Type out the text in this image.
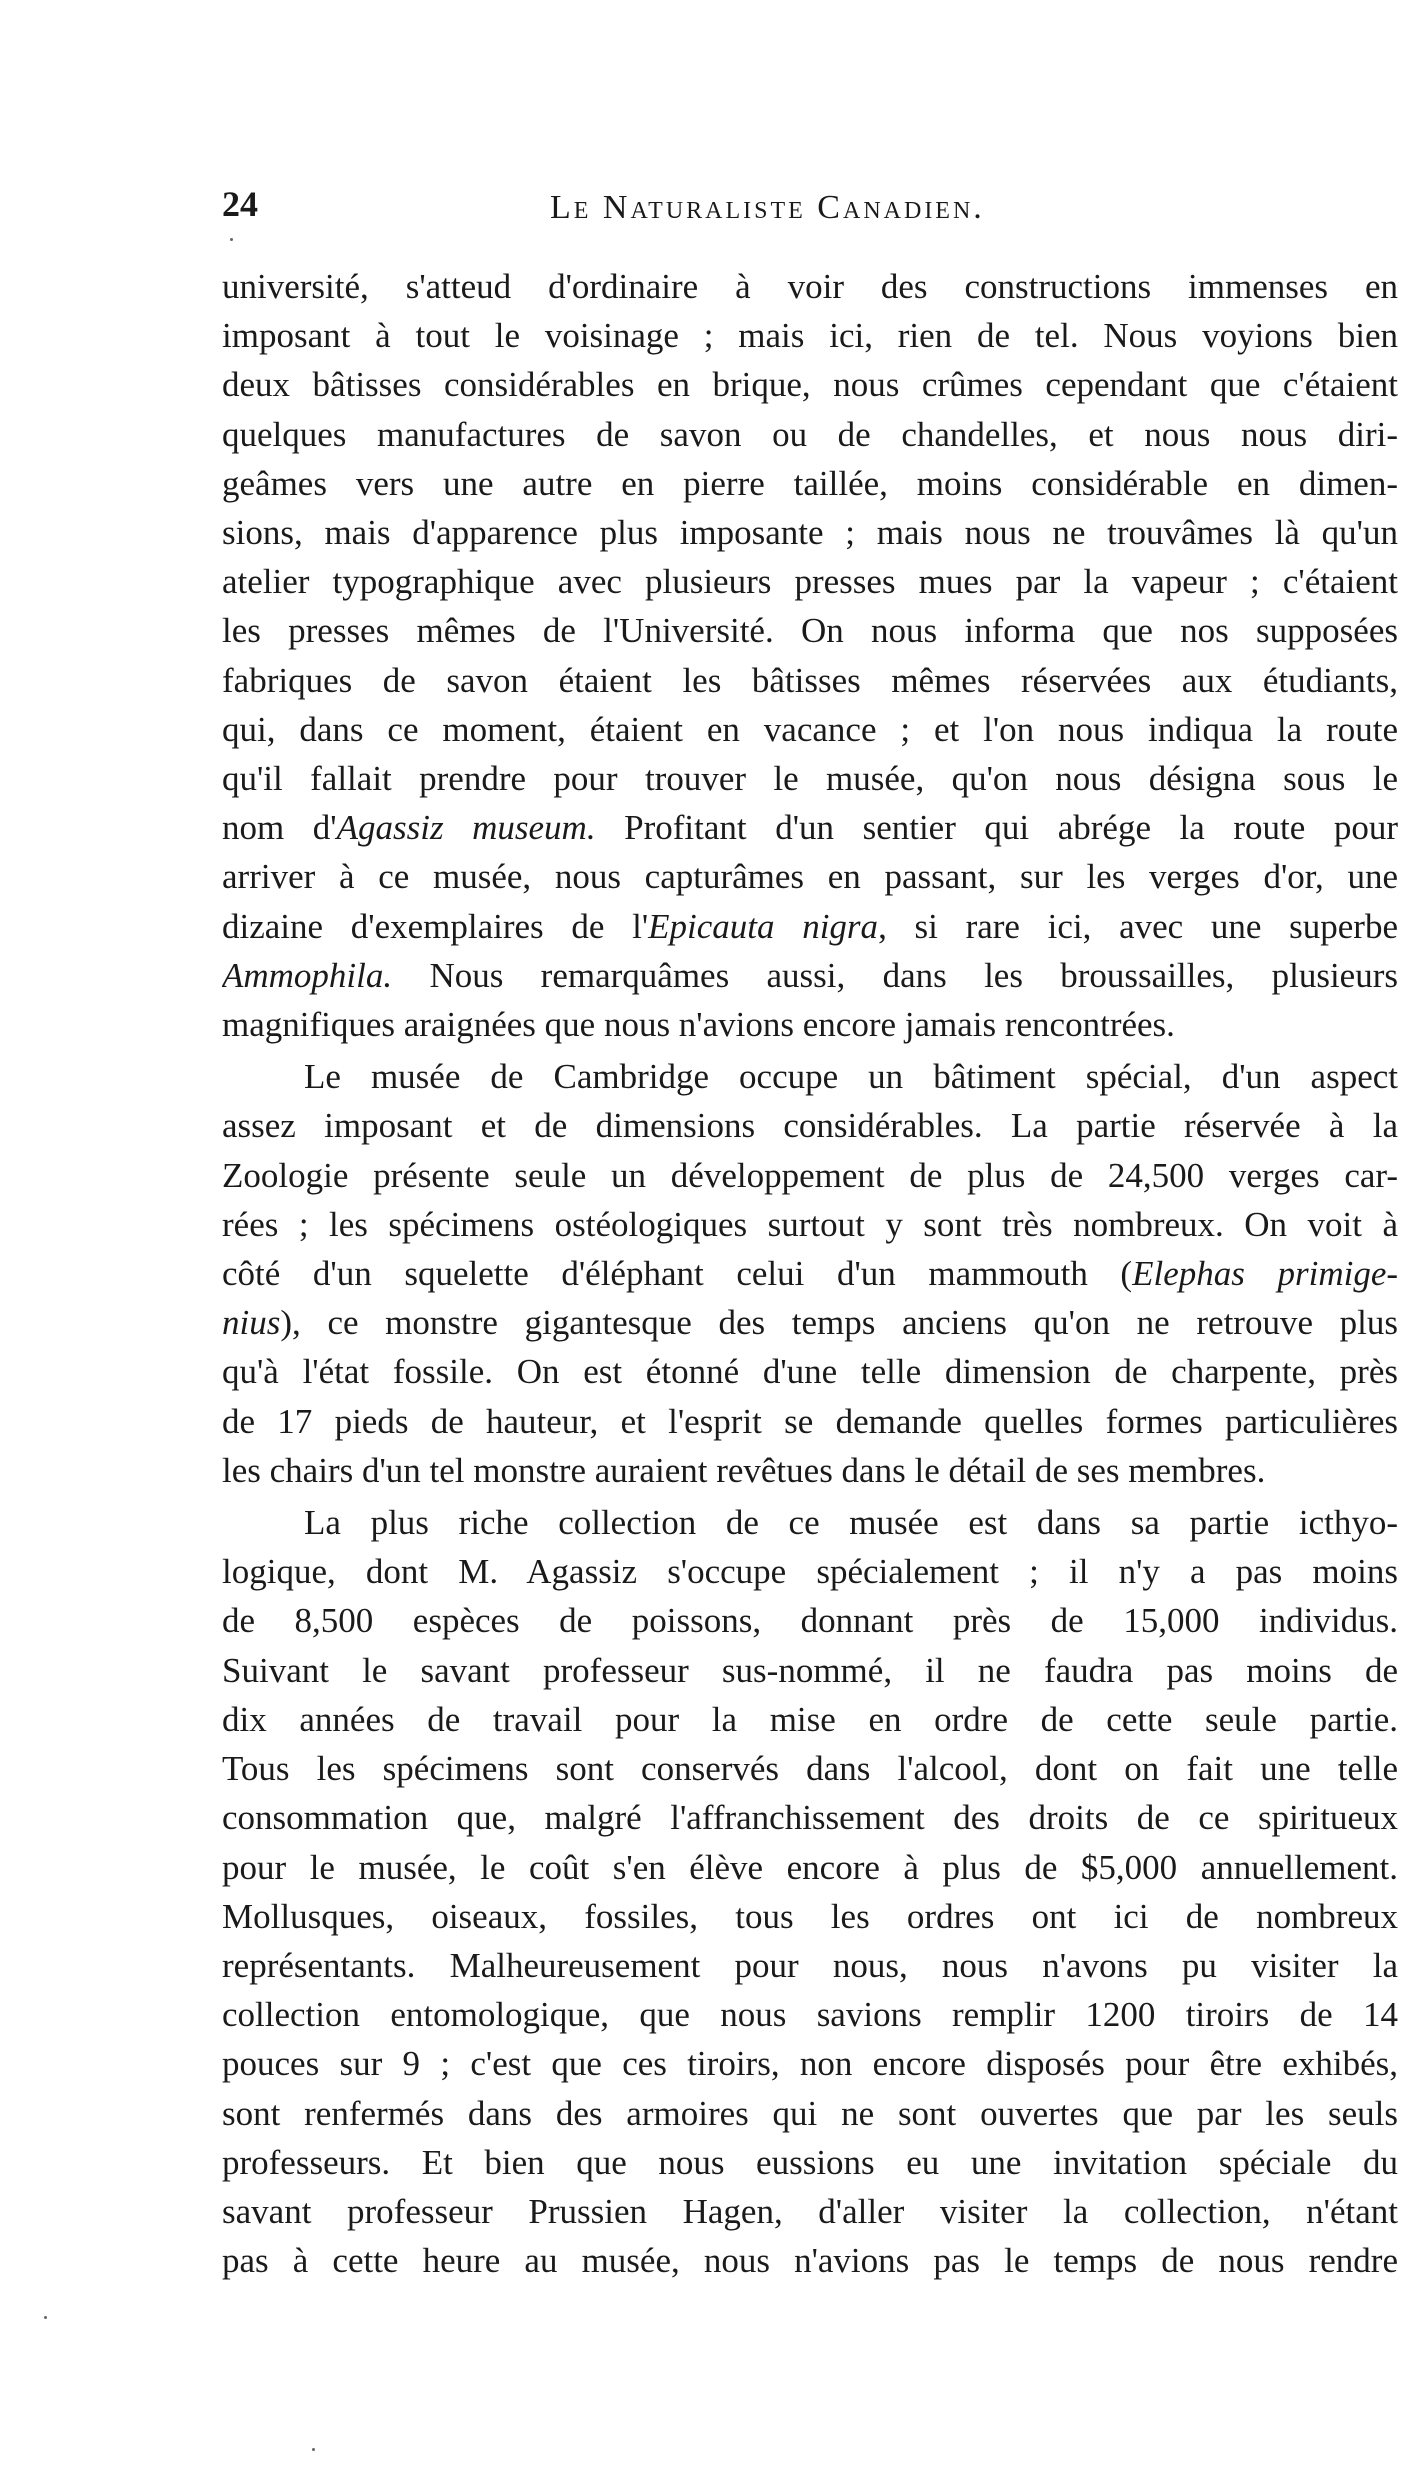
24	Le Naturaliste Canadien.

université, s'atteud d'ordinaire à voir des constructions immenses en
imposant à tout le voisinage ; mais ici, rien de tel. Nous voyions bien
deux bâtisses considérables en brique, nous crûmes cependant que c'étaient
quelques manufactures de savon ou de chandelles, et nous nous diri-
geâmes vers une autre en pierre taillée, moins considérable en dimen-
sions, mais d'apparence plus imposante ; mais nous ne trouvâmes là qu'un
atelier typographique avec plusieurs presses mues par la vapeur ; c'étaient
les presses mêmes de l'Université. On nous informa que nos supposées
fabriques de savon étaient les bâtisses mêmes réservées aux étudiants,
qui, dans ce moment, étaient en vacance ; et l'on nous indiqua la route
qu'il fallait prendre pour trouver le musée, qu'on nous désigna sous le
nom d'Agassiz museum. Profitant d'un sentier qui abrége la route pour
arriver à ce musée, nous capturâmes en passant, sur les verges d'or, une
dizaine d'exemplaires de l'Epicauta nigra, si rare ici, avec une superbe
Ammophila. Nous remarquâmes aussi, dans les broussailles, plusieurs
magnifiques araignées que nous n'avions encore jamais rencontrées.

Le musée de Cambridge occupe un bâtiment spécial, d'un aspect
assez imposant et de dimensions considérables. La partie réservée à la
Zoologie présente seule un développement de plus de 24,500 verges car-
rées ; les spécimens ostéologiques surtout y sont très nombreux. On voit à
côté d'un squelette d'éléphant celui d'un mammouth (Elephas primige-
nius), ce monstre gigantesque des temps anciens qu'on ne retrouve plus
qu'à l'état fossile. On est étonné d'une telle dimension de charpente, près
de 17 pieds de hauteur, et l'esprit se demande quelles formes particulières
les chairs d'un tel monstre auraient revêtues dans le détail de ses membres.

La plus riche collection de ce musée est dans sa partie icthyo-
logique, dont M. Agassiz s'occupe spécialement ; il n'y a pas moins
de 8,500 espèces de poissons, donnant près de 15,000 individus.
Suivant le savant professeur sus-nommé, il ne faudra pas moins de
dix années de travail pour la mise en ordre de cette seule partie.
Tous les spécimens sont conservés dans l'alcool, dont on fait une telle
consommation que, malgré l'affranchissement des droits de ce spiritueux
pour le musée, le coût s'en élève encore à plus de $5,000 annuellement.
Mollusques, oiseaux, fossiles, tous les ordres ont ici de nombreux
représentants. Malheureusement pour nous, nous n'avons pu visiter la
collection entomologique, que nous savions remplir 1200 tiroirs de 14
pouces sur 9 ; c'est que ces tiroirs, non encore disposés pour être exhibés,
sont renfermés dans des armoires qui ne sont ouvertes que par les seuls
professeurs. Et bien que nous eussions eu une invitation spéciale du
savant professeur Prussien Hagen, d'aller visiter la collection, n'étant
pas à cette heure au musée, nous n'avions pas le temps de nous rendre
